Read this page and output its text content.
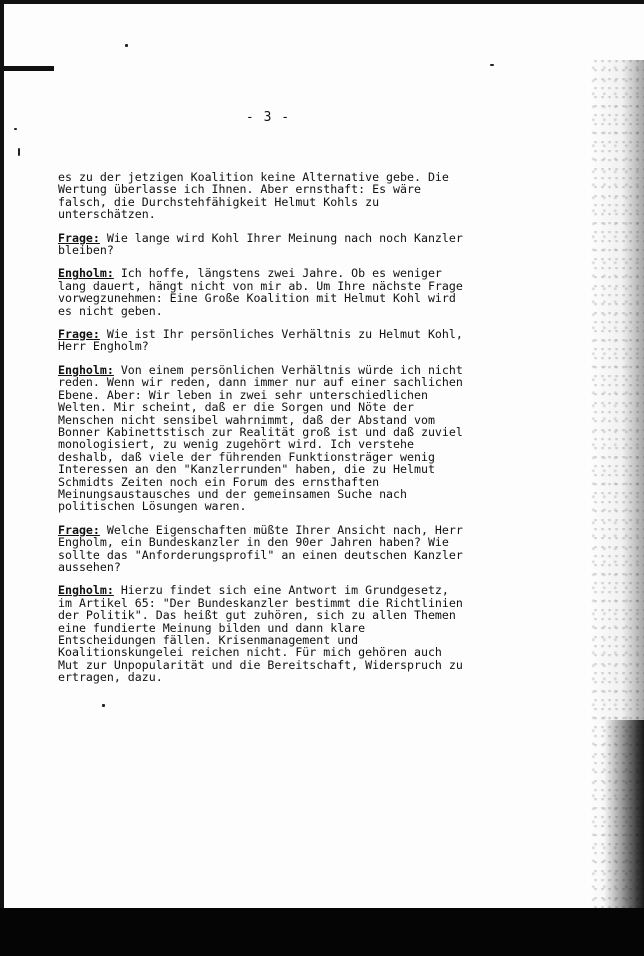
- 3 -

es zu der jetzigen Koalition keine Alternative gebe. Die
Wertung überlasse ich Ihnen. Aber ernsthaft: Es wäre
falsch, die Durchstehfähigkeit Helmut Kohls zu
unterschätzen.

Frage: Wie lange wird Kohl Ihrer Meinung nach noch Kanzler
bleiben?

Engholm: Ich hoffe, längstens zwei Jahre. Ob es weniger
lang dauert, hängt nicht von mir ab. Um Ihre nächste Frage
vorwegzunehmen: Eine Große Koalition mit Helmut Kohl wird
es nicht geben.

Frage: Wie ist Ihr persönliches Verhältnis zu Helmut Kohl,
Herr Engholm?

Engholm: Von einem persönlichen Verhältnis würde ich nicht
reden. Wenn wir reden, dann immer nur auf einer sachlichen
Ebene. Aber: Wir leben in zwei sehr unterschiedlichen
Welten. Mir scheint, daß er die Sorgen und Nöte der
Menschen nicht sensibel wahrnimmt, daß der Abstand vom
Bonner Kabinettstisch zur Realität groß ist und daß zuviel
monologisiert, zu wenig zugehört wird. Ich verstehe
deshalb, daß viele der führenden Funktionsträger wenig
Interessen an den "Kanzlerrunden" haben, die zu Helmut
Schmidts Zeiten noch ein Forum des ernsthaften
Meinungsaustausches und der gemeinsamen Suche nach
politischen Lösungen waren.

Frage: Welche Eigenschaften müßte Ihrer Ansicht nach, Herr
Engholm, ein Bundeskanzler in den 90er Jahren haben? Wie
sollte das "Anforderungsprofil" an einen deutschen Kanzler
aussehen?

Engholm: Hierzu findet sich eine Antwort im Grundgesetz,
im Artikel 65: "Der Bundeskanzler bestimmt die Richtlinien
der Politik". Das heißt gut zuhören, sich zu allen Themen
eine fundierte Meinung bilden und dann klare
Entscheidungen fällen. Krisenmanagement und
Koalitionskungelei reichen nicht. Für mich gehören auch
Mut zur Unpopularität und die Bereitschaft, Widerspruch zu
ertragen, dazu.
